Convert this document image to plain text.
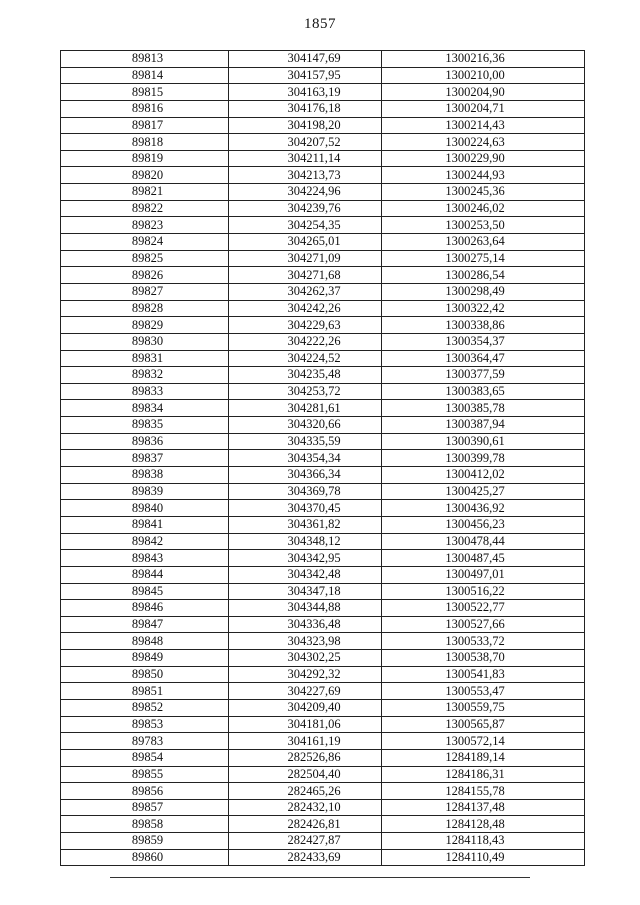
1857
89813	304147,69	1300216,36
89814	304157,95	1300210,00
89815	304163,19	1300204,90
89816	304176,18	1300204,71
89817	304198,20	1300214,43
89818	304207,52	1300224,63
89819	304211,14	1300229,90
89820	304213,73	1300244,93
89821	304224,96	1300245,36
89822	304239,76	1300246,02
89823	304254,35	1300253,50
89824	304265,01	1300263,64
89825	304271,09	1300275,14
89826	304271,68	1300286,54
89827	304262,37	1300298,49
89828	304242,26	1300322,42
89829	304229,63	1300338,86
89830	304222,26	1300354,37
89831	304224,52	1300364,47
89832	304235,48	1300377,59
89833	304253,72	1300383,65
89834	304281,61	1300385,78
89835	304320,66	1300387,94
89836	304335,59	1300390,61
89837	304354,34	1300399,78
89838	304366,34	1300412,02
89839	304369,78	1300425,27
89840	304370,45	1300436,92
89841	304361,82	1300456,23
89842	304348,12	1300478,44
89843	304342,95	1300487,45
89844	304342,48	1300497,01
89845	304347,18	1300516,22
89846	304344,88	1300522,77
89847	304336,48	1300527,66
89848	304323,98	1300533,72
89849	304302,25	1300538,70
89850	304292,32	1300541,83
89851	304227,69	1300553,47
89852	304209,40	1300559,75
89853	304181,06	1300565,87
89783	304161,19	1300572,14
89854	282526,86	1284189,14
89855	282504,40	1284186,31
89856	282465,26	1284155,78
89857	282432,10	1284137,48
89858	282426,81	1284128,48
89859	282427,87	1284118,43
89860	282433,69	1284110,49
